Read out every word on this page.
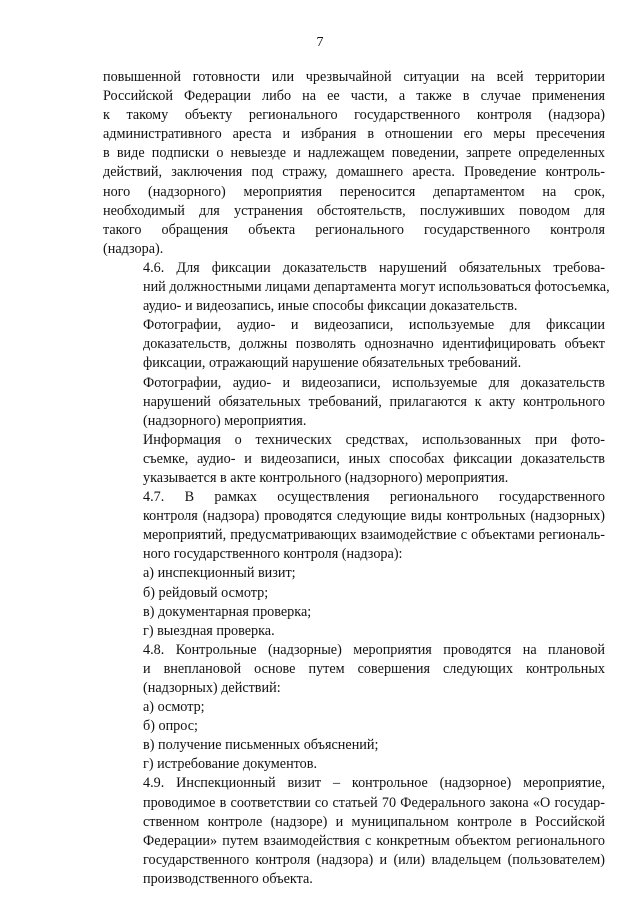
7
повышенной готовности или чрезвычайной ситуации на всей территории
Российской Федерации либо на ее части, а также в случае применения
к такому объекту регионального государственного контроля (надзора)
административного ареста и избрания в отношении его меры пресечения
в виде подписки о невыезде и надлежащем поведении, запрете определенных
действий, заключения под стражу, домашнего ареста. Проведение контроль-
ного (надзорного) мероприятия переносится департаментом на срок,
необходимый для устранения обстоятельств, послуживших поводом для
такого обращения объекта регионального государственного контроля
(надзора).
4.6. Для фиксации доказательств нарушений обязательных требова-
ний должностными лицами департамента могут использоваться фотосъемка,
аудио- и видеозапись, иные способы фиксации доказательств.
Фотографии, аудио- и видеозаписи, используемые для фиксации
доказательств, должны позволять однозначно идентифицировать объект
фиксации, отражающий нарушение обязательных требований.
Фотографии, аудио- и видеозаписи, используемые для доказательств
нарушений обязательных требований, прилагаются к акту контрольного
(надзорного) мероприятия.
Информация о технических средствах, использованных при фото-
съемке, аудио- и видеозаписи, иных способах фиксации доказательств
указывается в акте контрольного (надзорного) мероприятия.
4.7. В рамках осуществления регионального государственного
контроля (надзора) проводятся следующие виды контрольных (надзорных)
мероприятий, предусматривающих взаимодействие с объектами региональ-
ного государственного контроля (надзора):
а) инспекционный визит;
б) рейдовый осмотр;
в) документарная проверка;
г) выездная проверка.
4.8. Контрольные (надзорные) мероприятия проводятся на плановой
и внеплановой основе путем совершения следующих контрольных
(надзорных) действий:
а) осмотр;
б) опрос;
в) получение письменных объяснений;
г) истребование документов.
4.9. Инспекционный визит – контрольное (надзорное) мероприятие,
проводимое в соответствии со статьей 70 Федерального закона «О государ-
ственном контроле (надзоре) и муниципальном контроле в Российской
Федерации» путем взаимодействия с конкретным объектом регионального
государственного контроля (надзора) и (или) владельцем (пользователем)
производственного объекта.
